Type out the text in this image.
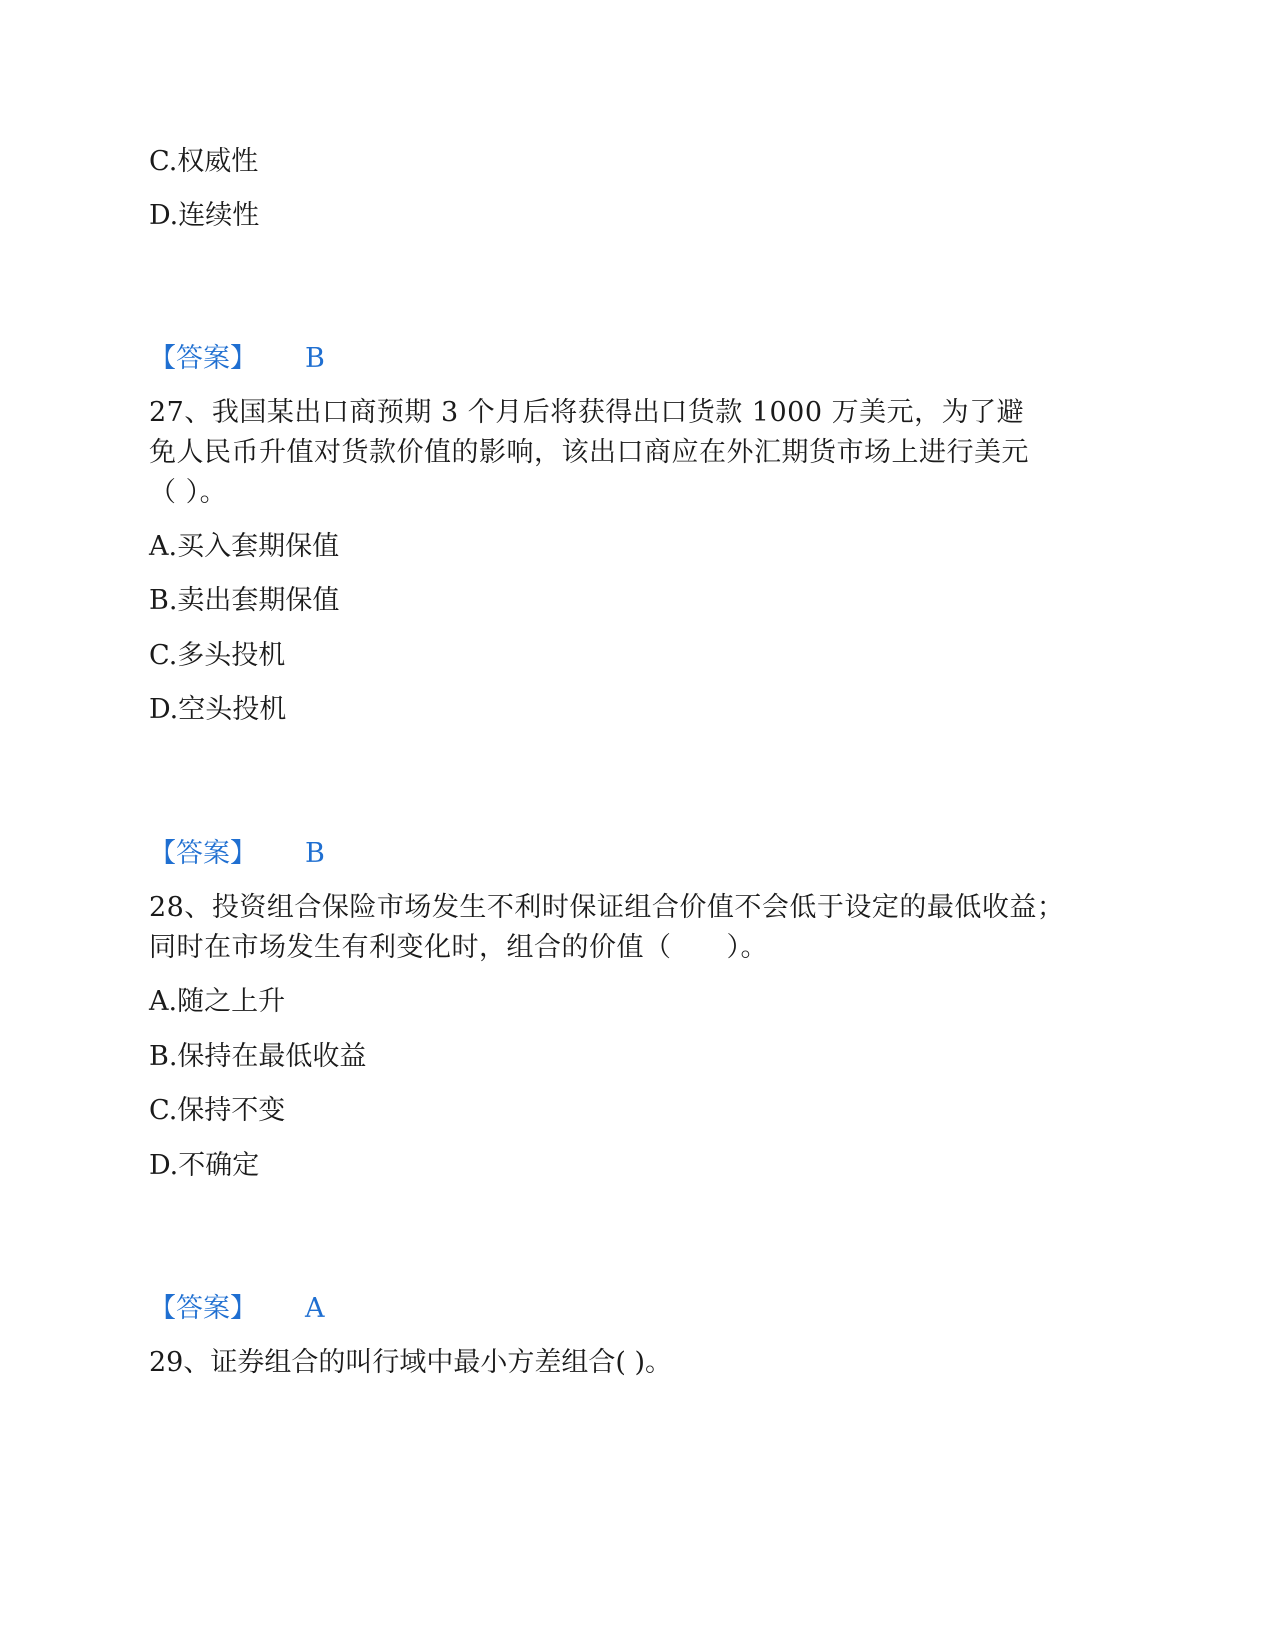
C.权威性

D.连续性

【答案】 B

27、我国某出口商预期 3 个月后将获得出口货款 1000 万美元，为了避免人民币升值对货款价值的影响，该出口商应在外汇期货市场上进行美元（ ）。

A.买入套期保值

B.卖出套期保值

C.多头投机

D.空头投机

【答案】 B

28、投资组合保险市场发生不利时保证组合价值不会低于设定的最低收益；同时在市场发生有利变化时，组合的价值（　　）。

A.随之上升

B.保持在最低收益

C.保持不变

D.不确定

【答案】 A

29、证券组合的叫行域中最小方差组合( )。
